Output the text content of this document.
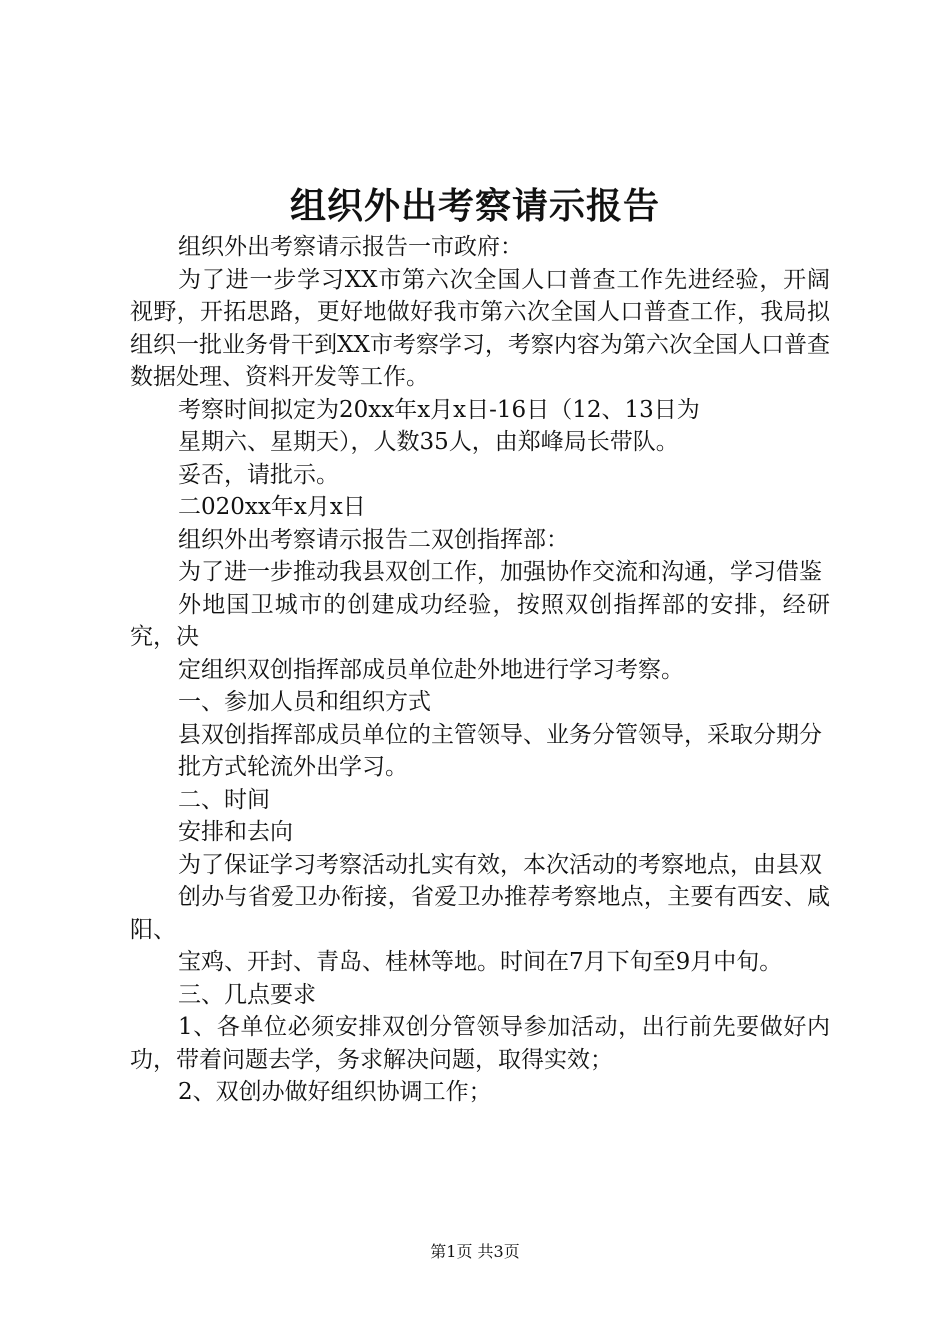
组织外出考察请示报告

组织外出考察请示报告一市政府：

为了进一步学习XX市第六次全国人口普查工作先进经验，开阔视野，开拓思路，更好地做好我市第六次全国人口普查工作，我局拟组织一批业务骨干到XX市考察学习，考察内容为第六次全国人口普查数据处理、资料开发等工作。

考察时间拟定为20xx年x月x日-16日（12、13日为

星期六、星期天），人数35人，由郑峰局长带队。

妥否，请批示。

二020xx年x月x日

组织外出考察请示报告二双创指挥部：

为了进一步推动我县双创工作，加强协作交流和沟通，学习借鉴

外地国卫城市的创建成功经验，按照双创指挥部的安排，经研究，决

定组织双创指挥部成员单位赴外地进行学习考察。

一、参加人员和组织方式

县双创指挥部成员单位的主管领导、业务分管领导，采取分期分

批方式轮流外出学习。

二、时间

安排和去向

为了保证学习考察活动扎实有效，本次活动的考察地点，由县双

创办与省爱卫办衔接，省爱卫办推荐考察地点，主要有西安、咸阳、

宝鸡、开封、青岛、桂林等地。时间在7月下旬至9月中旬。

三、几点要求

1、各单位必须安排双创分管领导参加活动，出行前先要做好内功，带着问题去学，务求解决问题，取得实效；

2、双创办做好组织协调工作；

第1页 共3页
